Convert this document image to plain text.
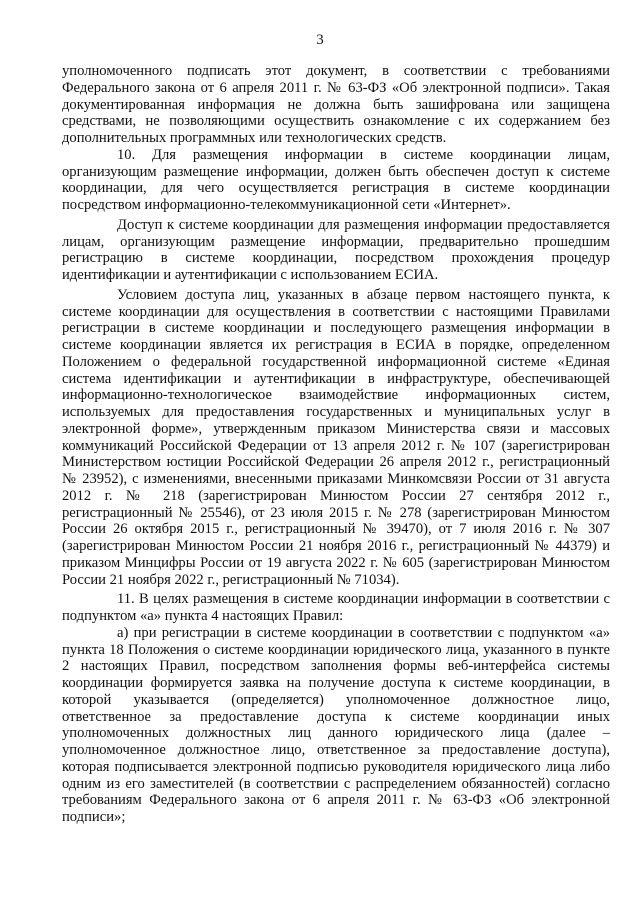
3

уполномоченного подписать этот документ, в соответствии с требованиями Федерального закона от 6 апреля 2011 г. № 63-ФЗ «Об электронной подписи». Такая документированная информация не должна быть зашифрована или защищена средствами, не позволяющими осуществить ознакомление с их содержанием без дополнительных программных или технологических средств.

10. Для размещения информации в системе координации лицам, организующим размещение информации, должен быть обеспечен доступ к системе координации, для чего осуществляется регистрация в системе координации посредством информационно-телекоммуникационной сети «Интернет».

Доступ к системе координации для размещения информации предоставляется лицам, организующим размещение информации, предварительно прошедшим регистрацию в системе координации, посредством прохождения процедур идентификации и аутентификации с использованием ЕСИА.

Условием доступа лиц, указанных в абзаце первом настоящего пункта, к системе координации для осуществления в соответствии с настоящими Правилами регистрации в системе координации и последующего размещения информации в системе координации является их регистрация в ЕСИА в порядке, определенном Положением о федеральной государственной информационной системе «Единая система идентификации и аутентификации в инфраструктуре, обеспечивающей информационно-технологическое взаимодействие информационных систем, используемых для предоставления государственных и муниципальных услуг в электронной форме», утвержденным приказом Министерства связи и массовых коммуникаций Российской Федерации от 13 апреля 2012 г. № 107 (зарегистрирован Министерством юстиции Российской Федерации 26 апреля 2012 г., регистрационный № 23952), с изменениями, внесенными приказами Минкомсвязи России от 31 августа 2012 г. № 218 (зарегистрирован Минюстом России 27 сентября 2012 г., регистрационный № 25546), от 23 июля 2015 г. № 278 (зарегистрирован Минюстом России 26 октября 2015 г., регистрационный № 39470), от 7 июля 2016 г. № 307 (зарегистрирован Минюстом России 21 ноября 2016 г., регистрационный № 44379) и приказом Минцифры России от 19 августа 2022 г. № 605 (зарегистрирован Минюстом России 21 ноября 2022 г., регистрационный № 71034).

11. В целях размещения в системе координации информации в соответствии с подпунктом «а» пункта 4 настоящих Правил:

а) при регистрации в системе координации в соответствии с подпунктом «а» пункта 18 Положения о системе координации юридического лица, указанного в пункте 2 настоящих Правил, посредством заполнения формы веб-интерфейса системы координации формируется заявка на получение доступа к системе координации, в которой указывается (определяется) уполномоченное должностное лицо, ответственное за предоставление доступа к системе координации иных уполномоченных должностных лиц данного юридического лица (далее – уполномоченное должностное лицо, ответственное за предоставление доступа), которая подписывается электронной подписью руководителя юридического лица либо одним из его заместителей (в соответствии с распределением обязанностей) согласно требованиям Федерального закона от 6 апреля 2011 г. № 63-ФЗ «Об электронной подписи»;
